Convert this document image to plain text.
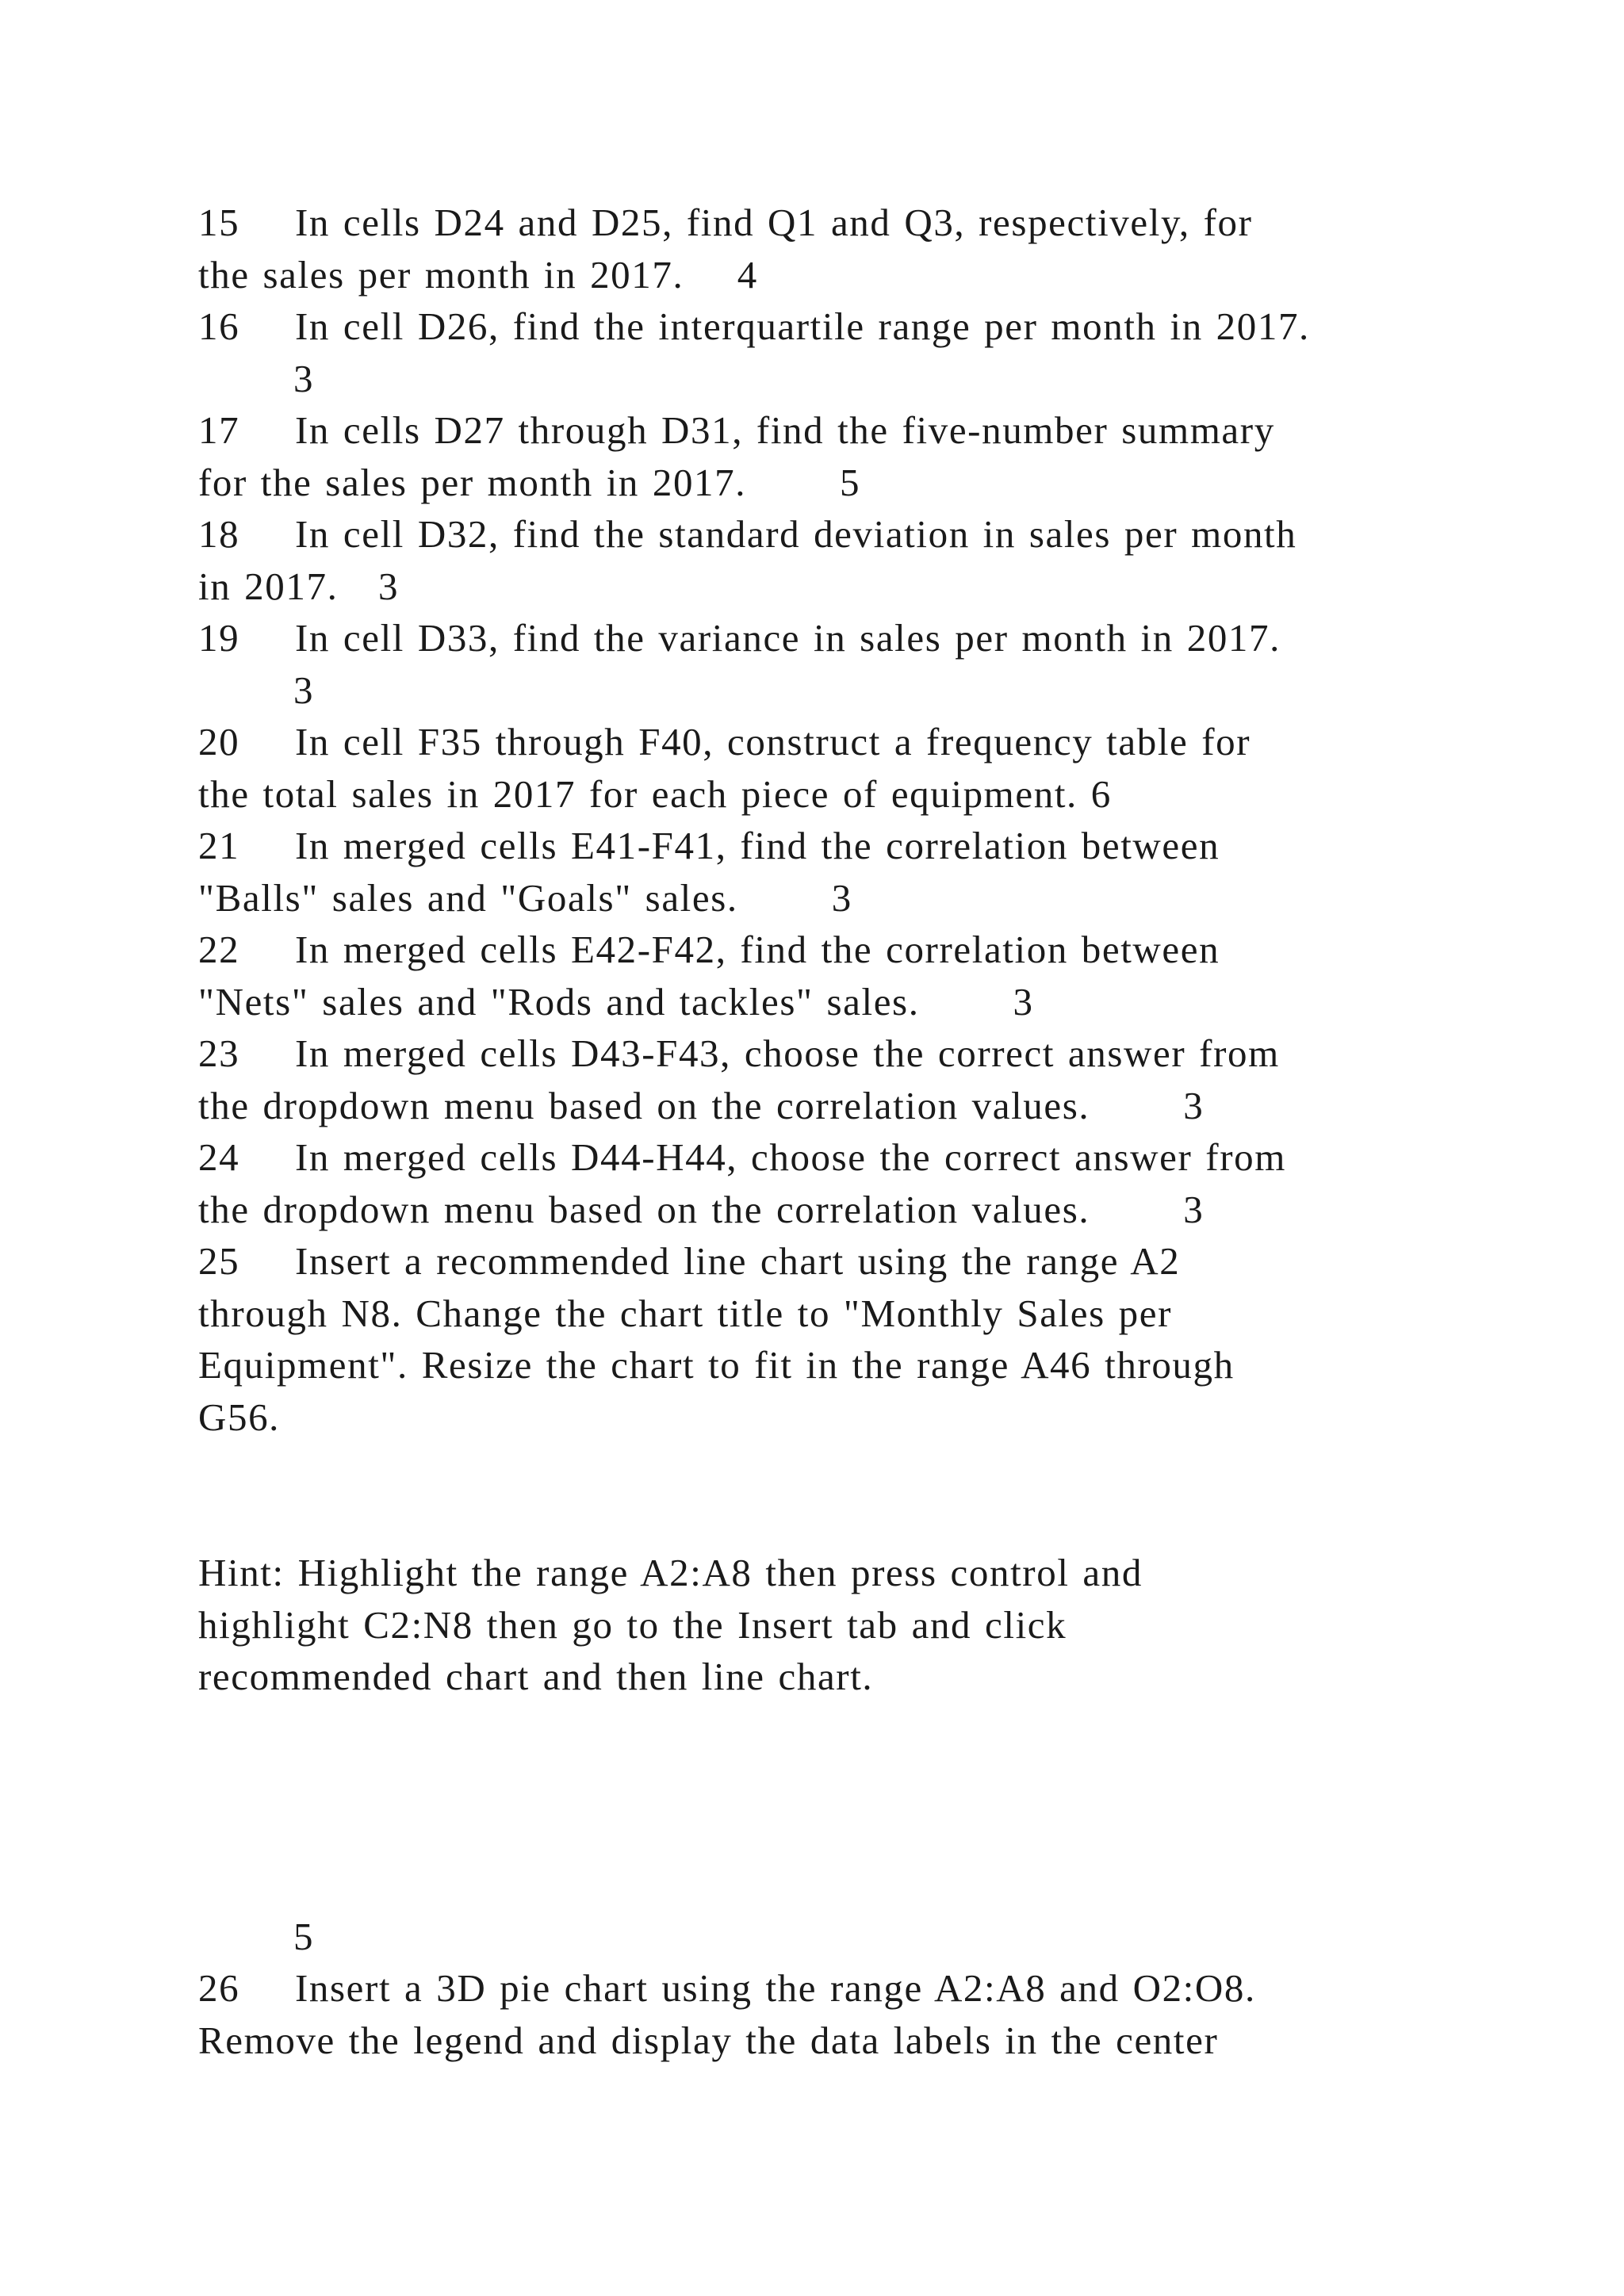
15 In cells D24 and D25, find Q1 and Q3, respectively, for
the sales per month in 2017.    4
16 In cell D26, find the interquartile range per month in 2017.
3
17 In cells D27 through D31, find the five-number summary
for the sales per month in 2017.       5
18 In cell D32, find the standard deviation in sales per month
in 2017.   3
19 In cell D33, find the variance in sales per month in 2017.
3
20 In cell F35 through F40, construct a frequency table for
the total sales in 2017 for each piece of equipment. 6
21 In merged cells E41-F41, find the correlation between
"Balls" sales and "Goals" sales.       3
22 In merged cells E42-F42, find the correlation between
"Nets" sales and "Rods and tackles" sales.       3
23 In merged cells D43-F43, choose the correct answer from
the dropdown menu based on the correlation values.       3
24 In merged cells D44-H44, choose the correct answer from
the dropdown menu based on the correlation values.       3
25 Insert a recommended line chart using the range A2
through N8. Change the chart title to "Monthly Sales per
Equipment". Resize the chart to fit in the range A46 through
G56.
Hint: Highlight the range A2:A8 then press control and
highlight C2:N8 then go to the Insert tab and click
recommended chart and then line chart.
5
26 Insert a 3D pie chart using the range A2:A8 and O2:O8.
Remove the legend and display the data labels in the center
